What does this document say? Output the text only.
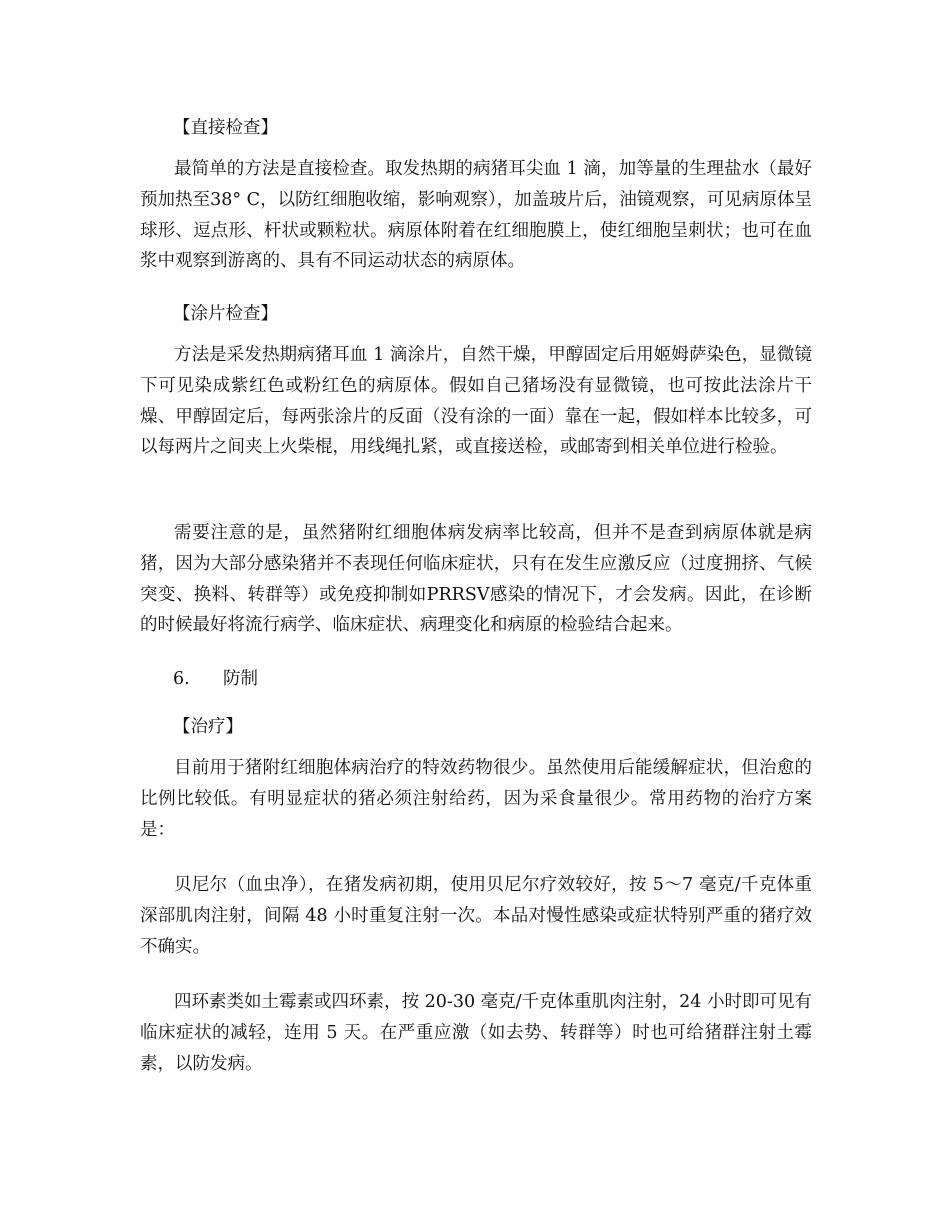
【直接检查】

最简单的方法是直接检查。取发热期的病猪耳尖血 1 滴，加等量的生理盐水（最好预加热至38° C，以防红细胞收缩，影响观察），加盖玻片后，油镜观察，可见病原体呈球形、逗点形、杆状或颗粒状。病原体附着在红细胞膜上，使红细胞呈刺状；也可在血浆中观察到游离的、具有不同运动状态的病原体。

【涂片检查】

方法是采发热期病猪耳血 1 滴涂片，自然干燥，甲醇固定后用姬姆萨染色，显微镜下可见染成紫红色或粉红色的病原体。假如自己猪场没有显微镜，也可按此法涂片干燥、甲醇固定后，每两张涂片的反面（没有涂的一面）靠在一起，假如样本比较多，可以每两片之间夹上火柴棍，用线绳扎紧，或直接送检，或邮寄到相关单位进行检验。

需要注意的是，虽然猪附红细胞体病发病率比较高，但并不是查到病原体就是病猪，因为大部分感染猪并不表现任何临床症状，只有在发生应激反应（过度拥挤、气候突变、换料、转群等）或免疫抑制如PRRSV感染的情况下，才会发病。因此，在诊断的时候最好将流行病学、临床症状、病理变化和病原的检验结合起来。

6. 防制
【治疗】

目前用于猪附红细胞体病治疗的特效药物很少。虽然使用后能缓解症状，但治愈的比例比较低。有明显症状的猪必须注射给药，因为采食量很少。常用药物的治疗方案是：

贝尼尔（血虫净），在猪发病初期，使用贝尼尔疗效较好，按 5～7 毫克/千克体重深部肌肉注射，间隔 48 小时重复注射一次。本品对慢性感染或症状特别严重的猪疗效不确实。

四环素类如土霉素或四环素，按 20-30 毫克/千克体重肌肉注射，24 小时即可见有临床症状的减轻，连用 5 天。在严重应激（如去势、转群等）时也可给猪群注射土霉素，以防发病。
